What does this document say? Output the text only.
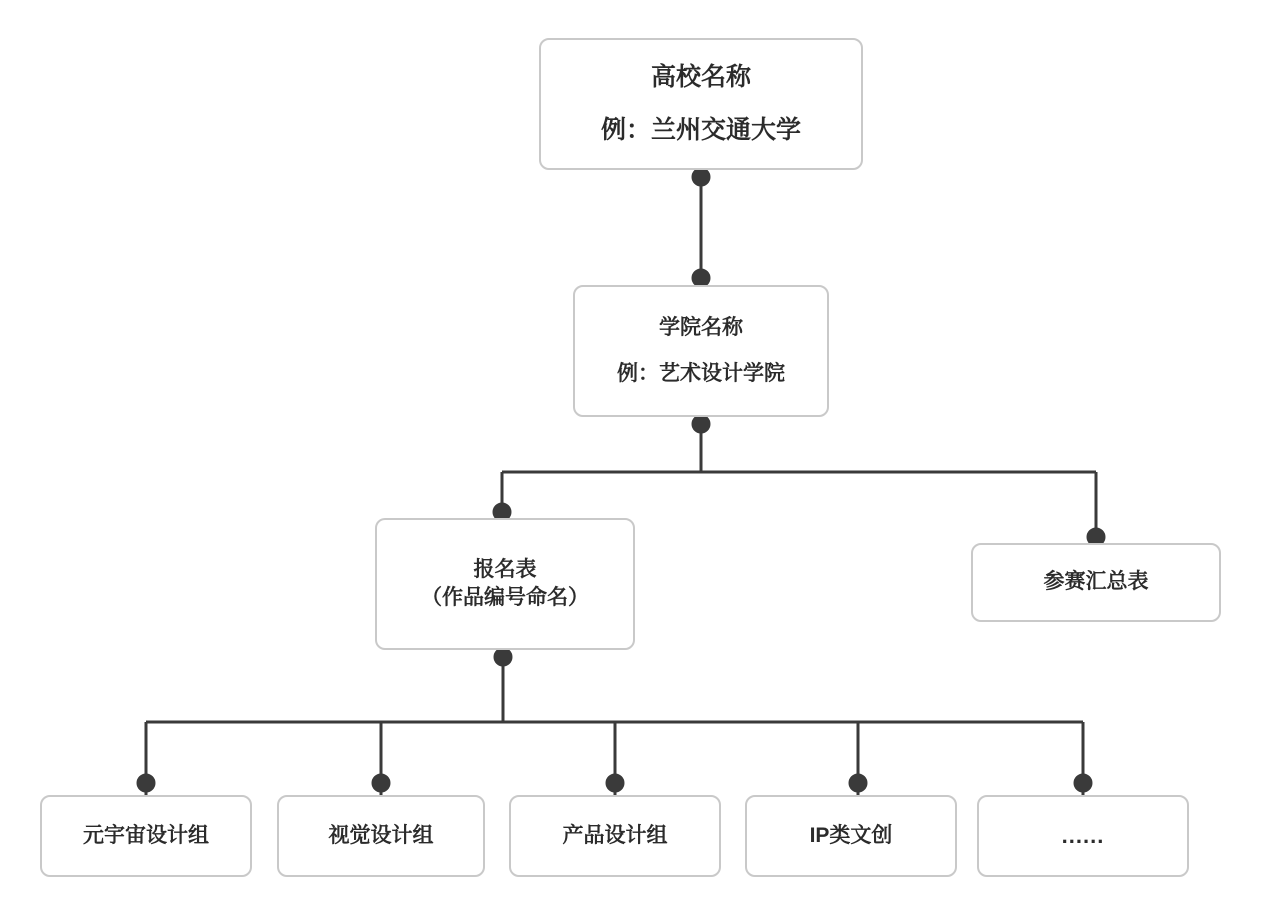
高校名称
例：兰州交通大学
学院名称
例：艺术设计学院
报名表
（作品编号命名）
参赛汇总表
元宇宙设计组	视觉设计组	产品设计组	IP类文创	......
